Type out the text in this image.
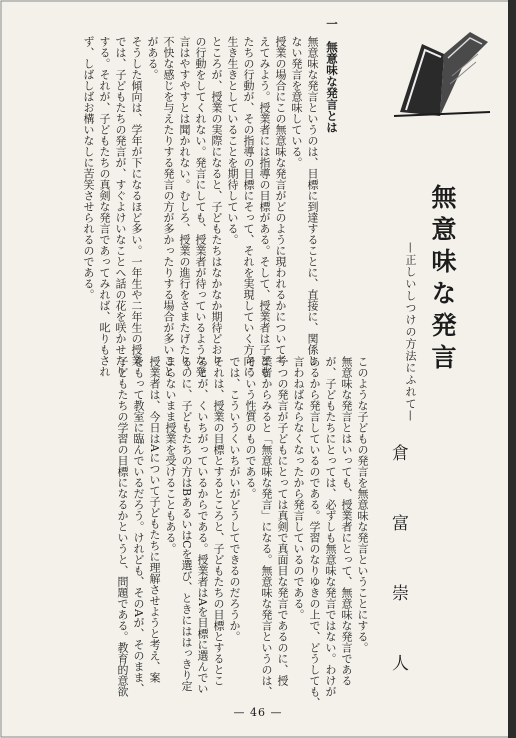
無意味な発言
—正しいしつけの方法にふれて—
倉　富　崇　人
一　無意味な発言とは
無意味な発言というのは、目標に到達することに、直接に、関係し
ない発言を意味している。
授業の場合にこの無意味な発言がどのように現われるかについて考
えてみよう。授業者には指導の目標がある。そして、授業者は子ども
たちの行動が、その指導の目標にそって、それを実現していく方向に
生き生きとしていることを期待している。
ところが、授業の実際になると、子どもたちはなかなか期待どおり
の行動をしてくれない。発言にしても、授業者が待っているような発
言はやすやすとは聞かれない。むしろ、授業の進行をさまたげたり、
不快な感じを与えたりする発言の方が多かったりする場合が多いこと
がある。
そうした傾向は、学年が下になるほど多い。一年生や二年生の授業
では、子どもたちの発言が、すぐよけいなことへ話の花を咲かせたり
する。それが、子どもたちの真剣な発言であってみれば、叱りもされ
ず、しばしばお構いなしに苦笑させられるのである。
このような子どもの発言を無意味な発言ということにする。
無意味な発言とはいっても、授業者にとって、無意味な発言である
が、子どもたちにとっては、必ずしも無意味な発言ではない。わけが
あるから発言しているのである。学習のなりゆきの上で、どうしても、
言わねばならなくなったから発言しているのである。
一つの発言が子どもにとっては真剣で真面目な発言であるのに、授
業者からみると「無意味な発言」になる。無意味な発言というのは、
そういう性質のものである。
では、こういうくいちがいがどうしてできるのだろうか。
それは、授業の目標とするところと、子どもたちの目標とするとこ
ろとが、くいちがっているからである。授業者はAを目標に選んでい
るのに、子どもたちの方はBあるいはCを選び、ときにははっきり定
まらないまま授業を受けることもある。
授業者は、今日はAについて子どもたちに理解させようと考え、案
をもって教室に臨んでいるだろう。けれども、そのAが、そのまま、
子どもたちの学習の目標になるかというと、問題である。教育的意欲
— 46 —
